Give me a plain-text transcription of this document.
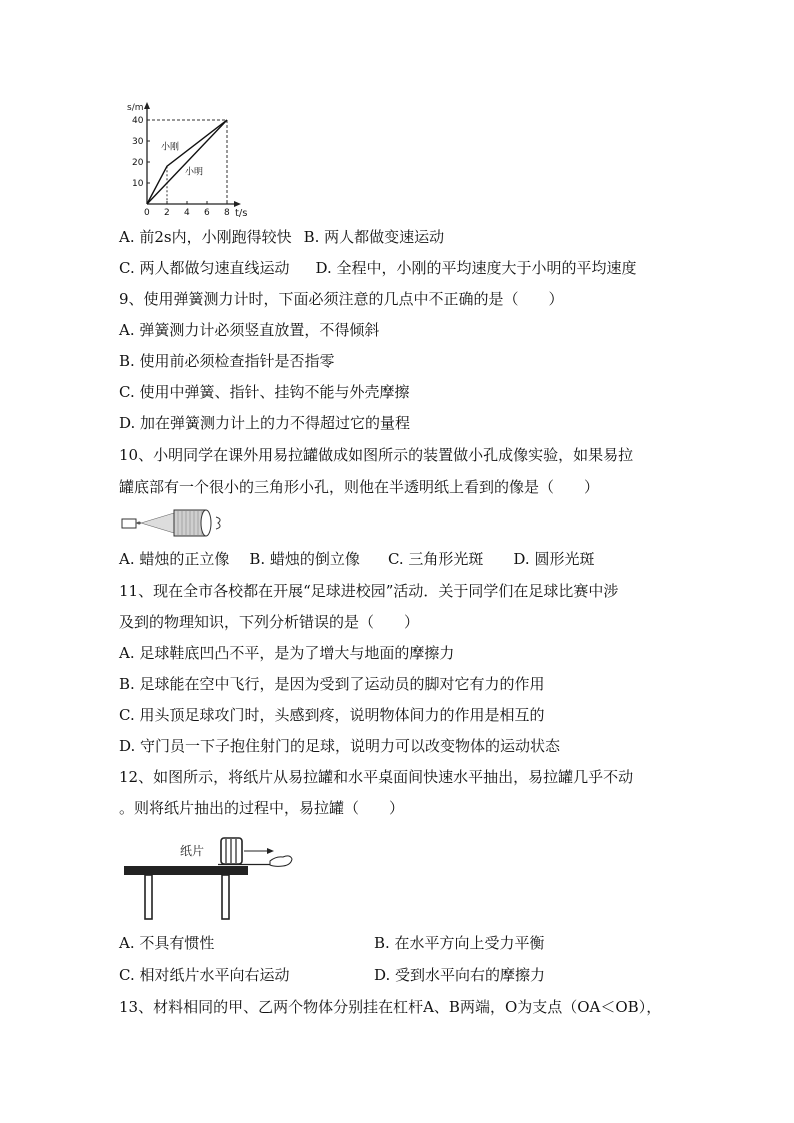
小刚
小明
0 2 4 6 8
10
20
30
40
s/m
t/s
A. 前2s内，小刚跑得较快 B. 两人都做变速运动
C. 两人都做匀速直线运动 D. 全程中，小刚的平均速度大于小明的平均速度
9、使用弹簧测力计时，下面必须注意的几点中不正确的是（　　）
A. 弹簧测力计必须竖直放置，不得倾斜
B. 使用前必须检查指针是否指零
C. 使用中弹簧、指针、挂钩不能与外壳摩擦
D. 加在弹簧测力计上的力不得超过它的量程
10、小明同学在课外用易拉罐做成如图所示的装置做小孔成像实验，如果易拉
罐底部有一个很小的三角形小孔，则他在半透明纸上看到的像是（　　）
A. 蜡烛的正立像 B. 蜡烛的倒立像 C. 三角形光斑 D. 圆形光斑
11、现在全市各校都在开展“足球进校园”活动．关于同学们在足球比赛中涉
及到的物理知识，下列分析错误的是（　　）
A. 足球鞋底凹凸不平，是为了增大与地面的摩擦力
B. 足球能在空中飞行，是因为受到了运动员的脚对它有力的作用
C. 用头顶足球攻门时，头感到疼，说明物体间力的作用是相互的
D. 守门员一下子抱住射门的足球，说明力可以改变物体的运动状态
12、如图所示，将纸片从易拉罐和水平桌面间快速水平抽出，易拉罐几乎不动
。则将纸片抽出的过程中，易拉罐（　　）
纸片
A. 不具有惯性	B. 在水平方向上受力平衡
C. 相对纸片水平向右运动	D. 受到水平向右的摩擦力
13、材料相同的甲、乙两个物体分别挂在杠杆A、B两端，O为支点（OA＜OB），
